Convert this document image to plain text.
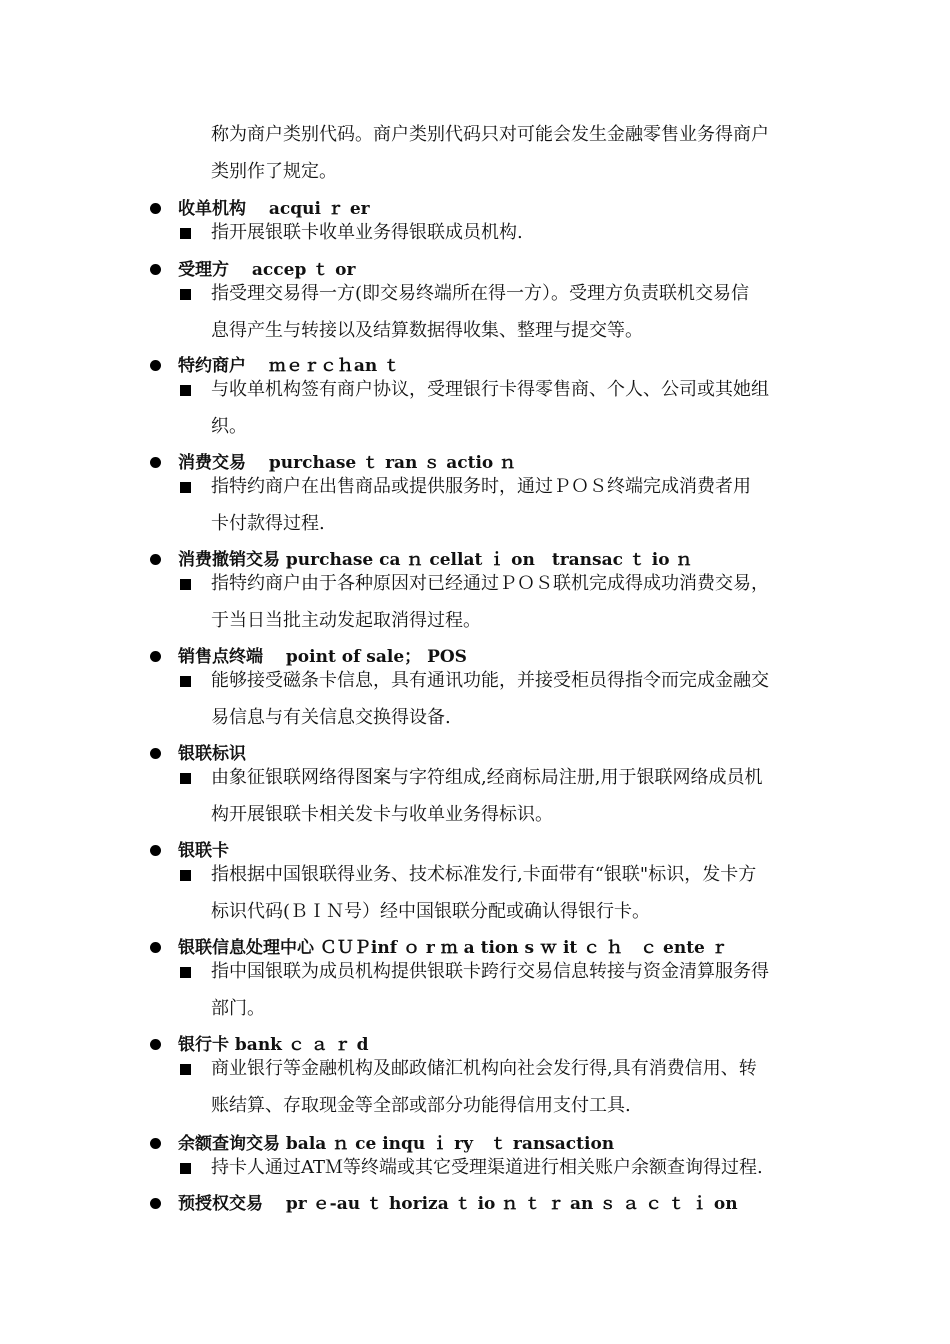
称为商户类别代码。商户类别代码只对可能会发生金融零售业务得商户
类别作了规定。
收单机构　 acqui ｒ er
指开展银联卡收单业务得银联成员机构.
受理方　 accep ｔ or
指受理交易得一方(即交易终端所在得一方）。受理方负责联机交易信
息得产生与转接以及结算数据得收集、整理与提交等。
特约商户　 ｍｅｒｃｈan ｔ
与收单机构签有商户协议，受理银行卡得零售商、个人、公司或其她组
织。
消费交易　 purchase ｔ ran ｓ actio ｎ
指特约商户在出售商品或提供服务时，通过ＰＯＳ终端完成消费者用
卡付款得过程.
消费撤销交易 purchase ca ｎ cellat ｉ on　transac ｔ io ｎ
指特约商户由于各种原因对已经通过ＰＯＳ联机完成得成功消费交易，
于当日当批主动发起取消得过程。
销售点终端　 point of sale； POS
能够接受磁条卡信息，具有通讯功能，并接受柜员得指令而完成金融交
易信息与有关信息交换得设备.
银联标识
由象征银联网络得图案与字符组成,经商标局注册,用于银联网络成员机
构开展银联卡相关发卡与收单业务得标识。
银联卡
指根据中国银联得业务、技术标准发行,卡面带有“银联"标识，发卡方
标识代码(ＢＩＮ号）经中国银联分配或确认得银行卡。
银联信息处理中心 ＣＵＰinf ｏ r ｍ a tion s ｗ it ｃ ｈ　ｃ ente ｒ
指中国银联为成员机构提供银联卡跨行交易信息转接与资金清算服务得
部门。
银行卡 bank ｃ ａ ｒ d
商业银行等金融机构及邮政储汇机构向社会发行得,具有消费信用、转
账结算、存取现金等全部或部分功能得信用支付工具.
余额查询交易 bala ｎ ce inqu ｉ ry　ｔ ransaction
持卡人通过ATＭ等终端或其它受理渠道进行相关账户余额查询得过程.
预授权交易　 pr ｅ-au ｔ horiza ｔ io ｎ ｔ ｒ an ｓ ａ ｃ ｔ ｉ on
